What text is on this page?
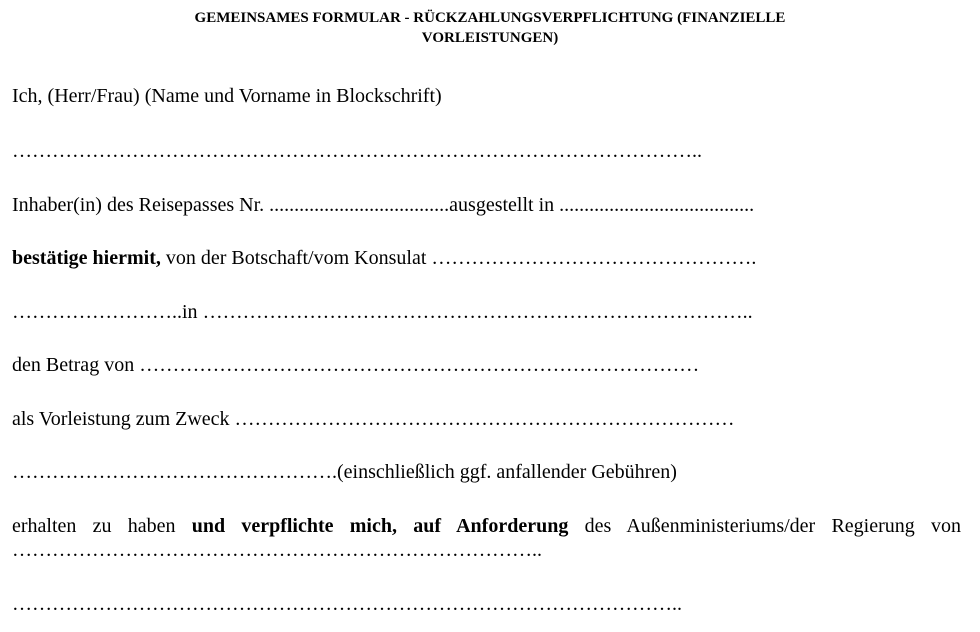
GEMEINSAMES FORMULAR - RÜCKZAHLUNGSVERPFLICHTUNG (FINANZIELLE
VORLEISTUNGEN)
Ich, (Herr/Frau) (Name und Vorname in Blockschrift)
…………………………………………………………………………………………..
Inhaber(in) des Reisepasses Nr. ....................................ausgestellt in .......................................
bestätige hiermit, von der Botschaft/vom Konsulat ………………………………………….
……………………..in ………………………………………………………………………..
den Betrag von …………………………………………………………………………
als Vorleistung zum Zweck …………………………………………………………………
………………………………………….(einschließlich ggf. anfallender Gebühren)
erhalten zu haben und verpflichte mich, auf Anforderung des Außenministeriums/der Regierung von ……………………………………………………………………..
………………………………………………………………………………………..
